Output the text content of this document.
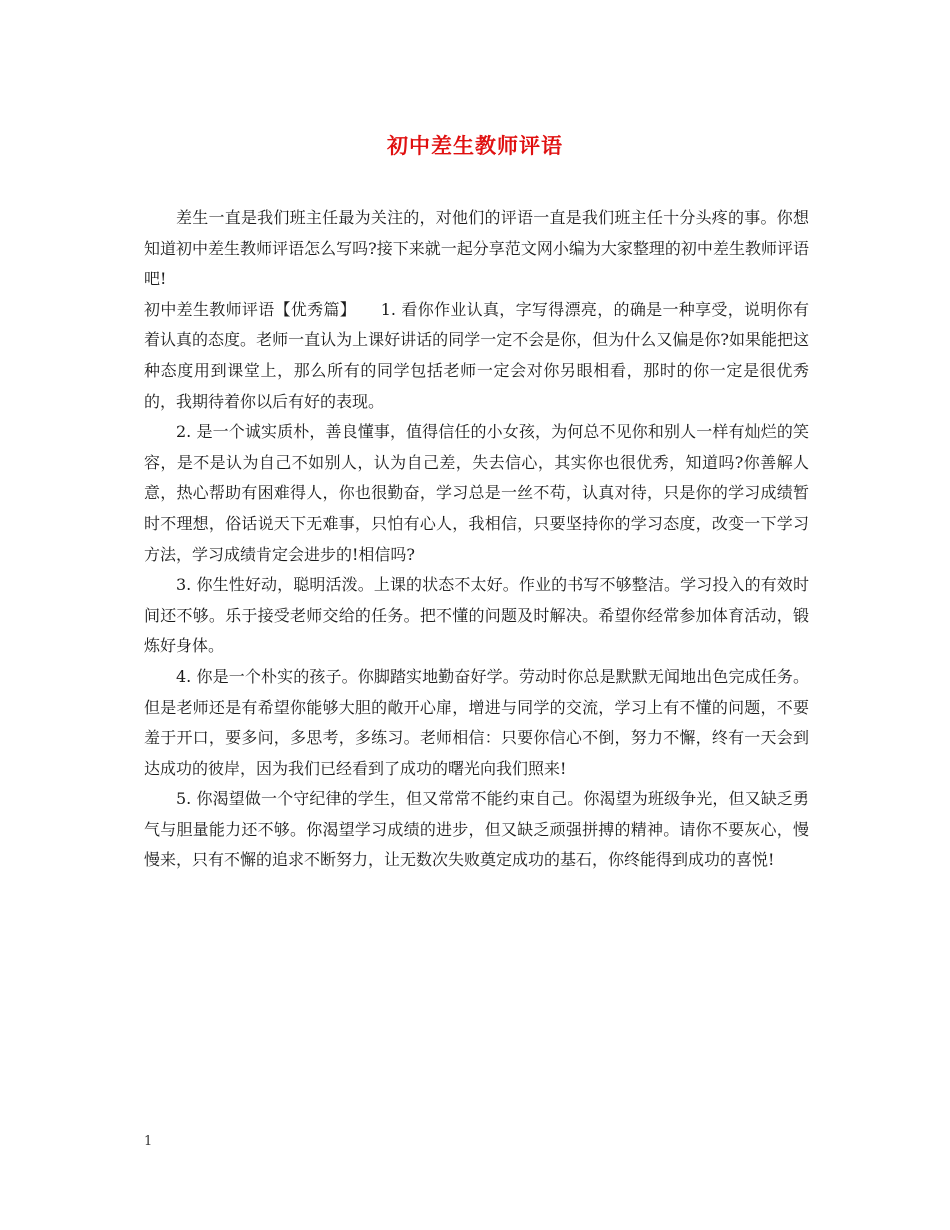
初中差生教师评语

差生一直是我们班主任最为关注的，对他们的评语一直是我们班主任十分头疼的事。你想知道初中差生教师评语怎么写吗?接下来就一起分享范文网小编为大家整理的初中差生教师评语吧!

初中差生教师评语【优秀篇】　　1. 看你作业认真，字写得漂亮，的确是一种享受，说明你有着认真的态度。老师一直认为上课好讲话的同学一定不会是你，但为什么又偏是你?如果能把这种态度用到课堂上，那么所有的同学包括老师一定会对你另眼相看，那时的你一定是很优秀的，我期待着你以后有好的表现。

2. 是一个诚实质朴，善良懂事，值得信任的小女孩，为何总不见你和别人一样有灿烂的笑容，是不是认为自己不如别人，认为自己差，失去信心，其实你也很优秀，知道吗?你善解人意，热心帮助有困难得人，你也很勤奋，学习总是一丝不苟，认真对待，只是你的学习成绩暂时不理想，俗话说天下无难事，只怕有心人，我相信，只要坚持你的学习态度，改变一下学习方法，学习成绩肯定会进步的!相信吗?

3. 你生性好动，聪明活泼。上课的状态不太好。作业的书写不够整洁。学习投入的有效时间还不够。乐于接受老师交给的任务。把不懂的问题及时解决。希望你经常参加体育活动，锻炼好身体。

4. 你是一个朴实的孩子。你脚踏实地勤奋好学。劳动时你总是默默无闻地出色完成任务。但是老师还是有希望你能够大胆的敞开心扉，增进与同学的交流，学习上有不懂的问题，不要羞于开口，要多问，多思考，多练习。老师相信：只要你信心不倒，努力不懈，终有一天会到达成功的彼岸，因为我们已经看到了成功的曙光向我们照来!

5. 你渴望做一个守纪律的学生，但又常常不能约束自己。你渴望为班级争光，但又缺乏勇气与胆量能力还不够。你渴望学习成绩的进步，但又缺乏顽强拼搏的精神。请你不要灰心，慢慢来，只有不懈的追求不断努力，让无数次失败奠定成功的基石，你终能得到成功的喜悦!

1
